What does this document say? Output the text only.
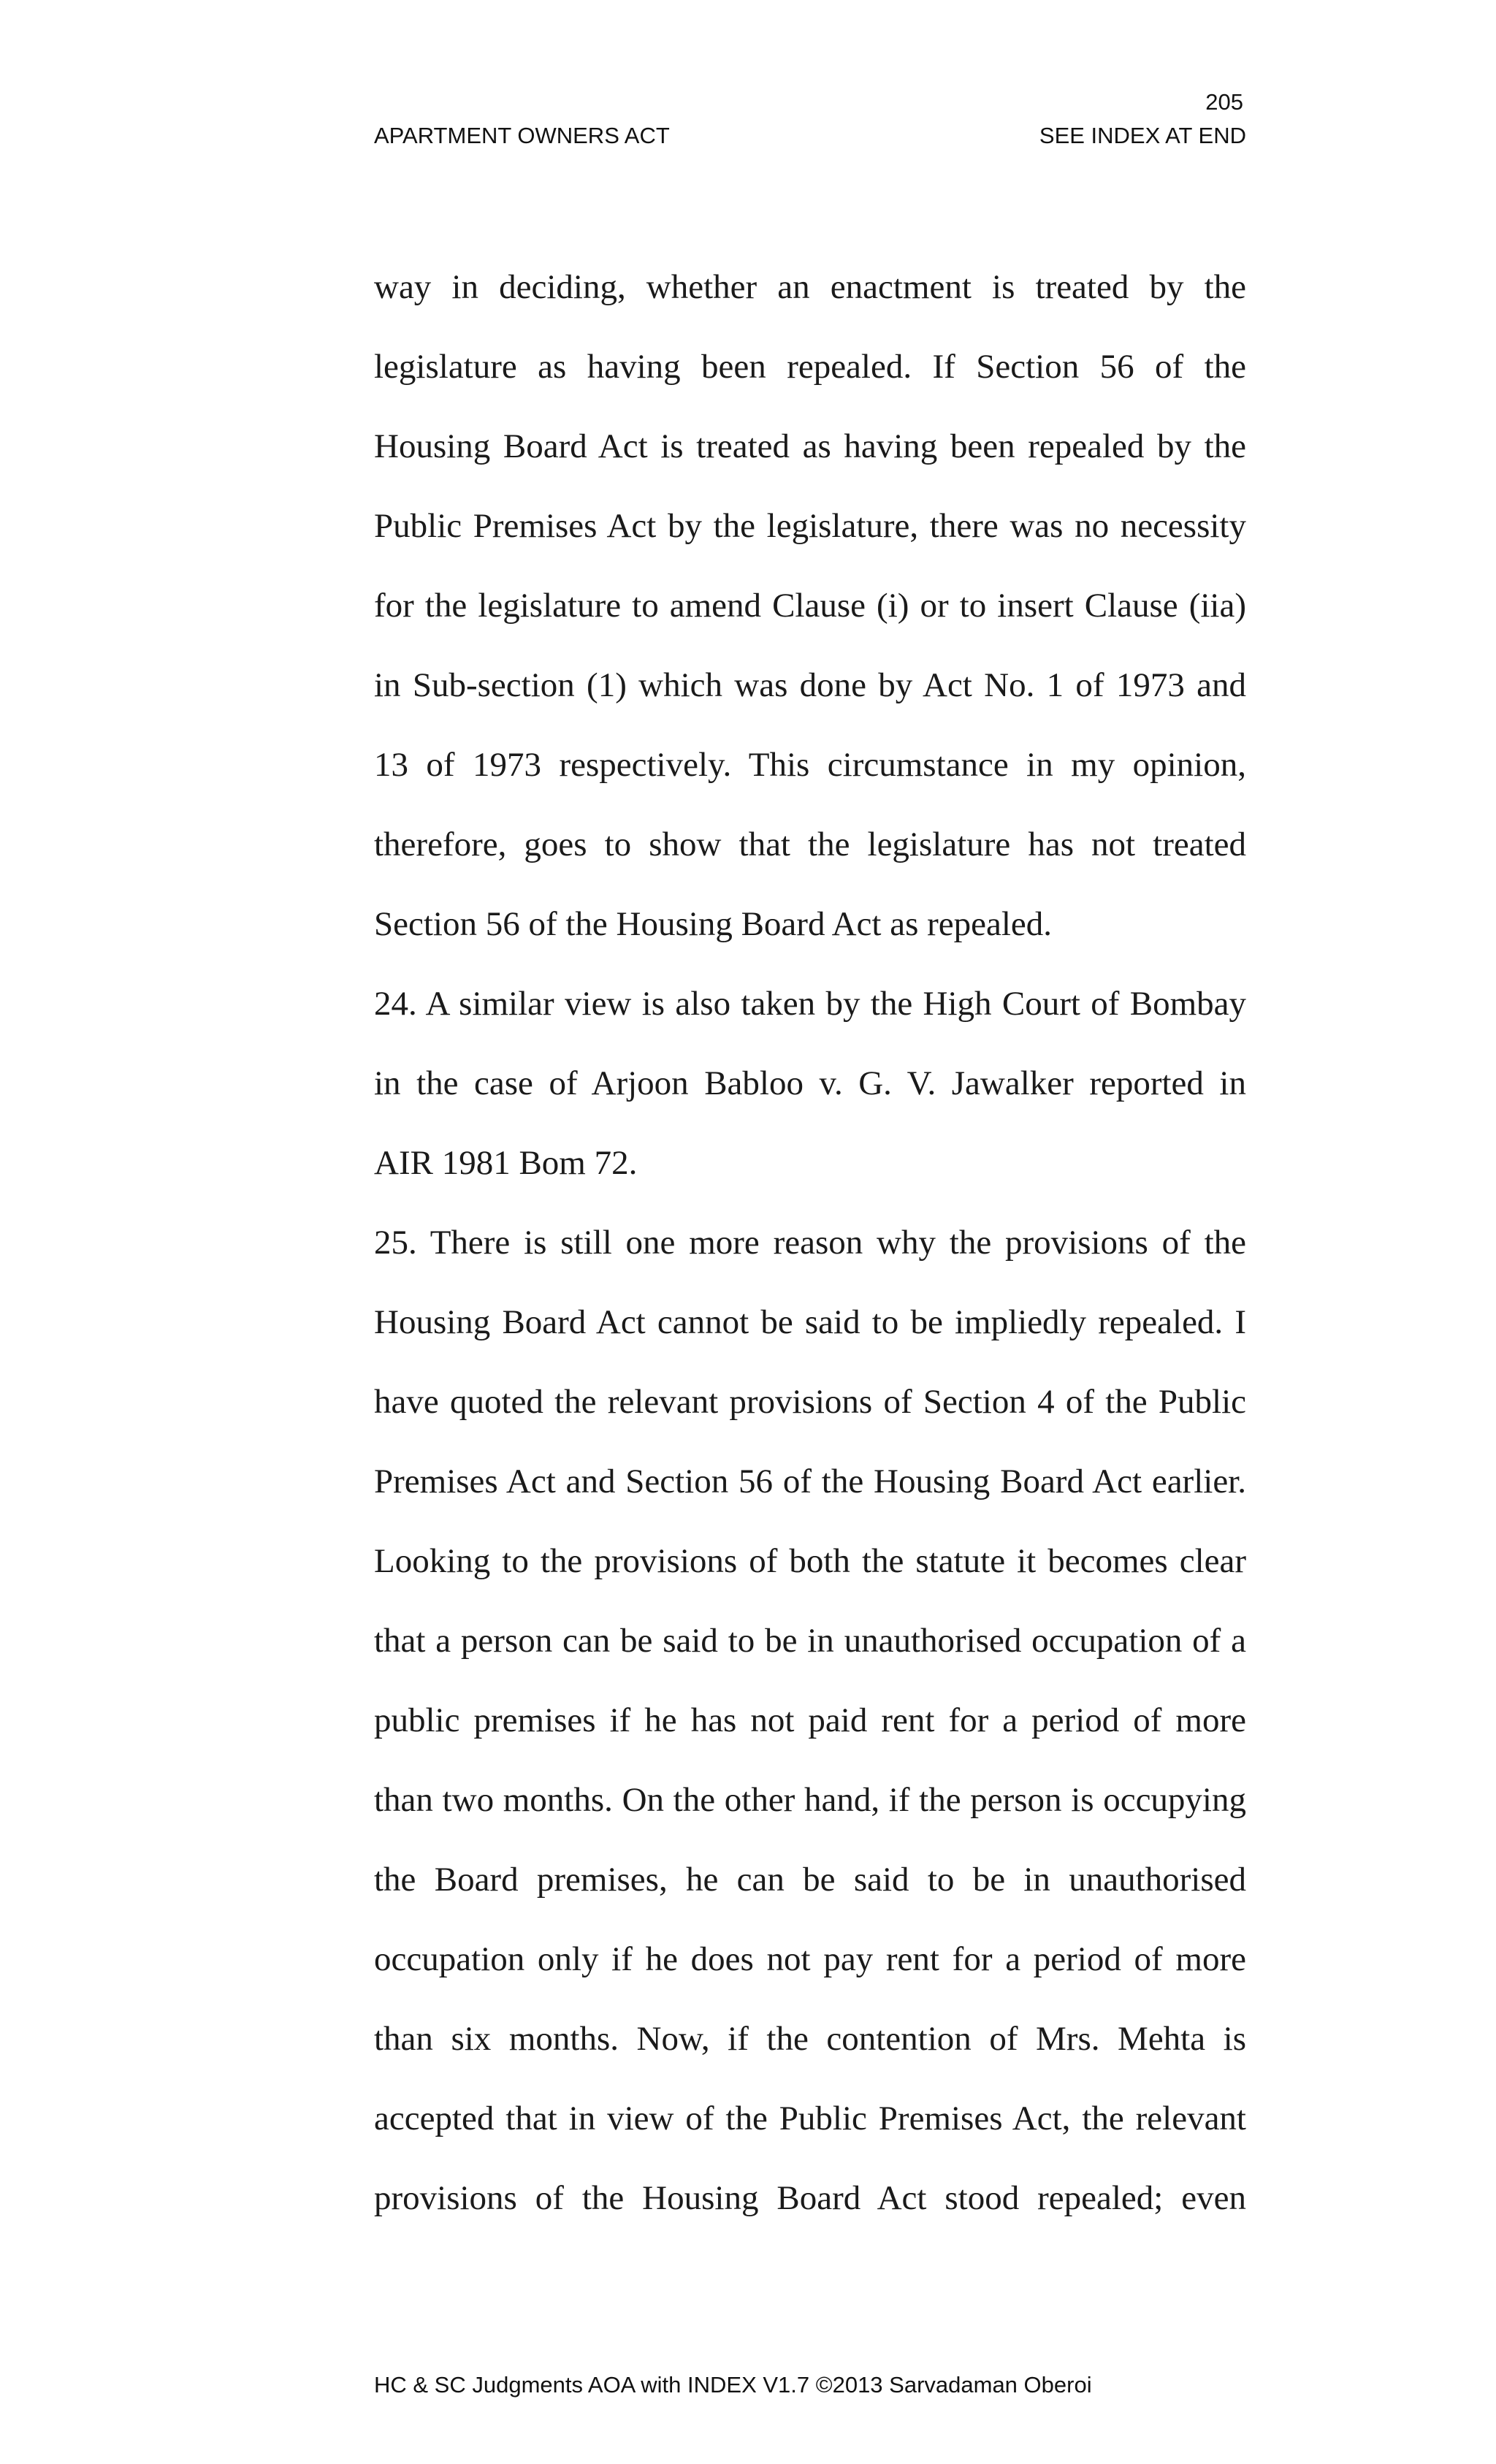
205
APARTMENT OWNERS ACT	SEE INDEX AT END
way in deciding, whether an enactment is treated by the
legislature as having been repealed. If Section 56 of the
Housing Board Act is treated as having been repealed by the
Public Premises Act by the legislature, there was no necessity
for the legislature to amend Clause (i) or to insert Clause (iia)
in Sub-section (1) which was done by Act No. 1 of 1973 and
13 of 1973 respectively. This circumstance in my opinion,
therefore, goes to show that the legislature has not treated
Section 56 of the Housing Board Act as repealed.
24. A similar view is also taken by the High Court of Bombay
in the case of Arjoon Babloo v. G. V. Jawalker reported in
AIR 1981 Bom 72.
25. There is still one more reason why the provisions of the
Housing Board Act cannot be said to be impliedly repealed. I
have quoted the relevant provisions of Section 4 of the Public
Premises Act and Section 56 of the Housing Board Act earlier.
Looking to the provisions of both the statute it becomes clear
that a person can be said to be in unauthorised occupation of a
public premises if he has not paid rent for a period of more
than two months. On the other hand, if the person is occupying
the Board premises, he can be said to be in unauthorised
occupation only if he does not pay rent for a period of more
than six months. Now, if the contention of Mrs. Mehta is
accepted that in view of the Public Premises Act, the relevant
provisions of the Housing Board Act stood repealed; even
HC & SC Judgments AOA with INDEX V1.7 ©2013 Sarvadaman Oberoi
